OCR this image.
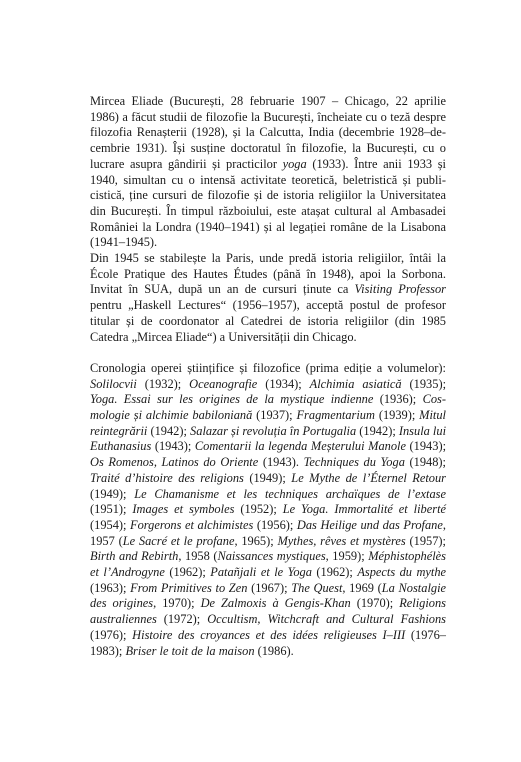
Mircea Eliade (București, 28 februarie 1907 – Chicago, 22 aprilie 1986) a făcut studii de filozofie la București, încheiate cu o teză despre filozofia Renașterii (1928), și la Calcutta, India (decembrie 1928–decembrie 1931). Își susține doctoratul în filozofie, la București, cu o lucrare asupra gândirii și practicilor yoga (1933). Între anii 1933 și 1940, simultan cu o intensă activitate teoretică, beletristică și publicistică, ține cursuri de filozofie și de istoria religiilor la Universitatea din București. În timpul războiului, este atașat cultural al Ambasadei României la Londra (1940–1941) și al legației române de la Lisabona (1941–1945).

Din 1945 se stabilește la Paris, unde predă istoria religiilor, întâi la École Pratique des Hautes Études (până în 1948), apoi la Sorbona. Invitat în SUA, după un an de cursuri ținute ca Visiting Professor pentru „Haskell Lectures“ (1956–1957), acceptă postul de profesor titular și de coordonator al Catedrei de istoria religiilor (din 1985 Catedra „Mircea Eliade“) a Universității din Chicago.

Cronologia operei științifice și filozofice (prima ediție a volumelor): Solilocvii (1932); Oceanografie (1934); Alchimia asiatică (1935); Yoga. Essai sur les origines de la mystique indienne (1936); Cosmologie și alchimie babiloniană (1937); Fragmentarium (1939); Mitul reintegrării (1942); Salazar și revoluția în Portugalia (1942); Insula lui Euthanasius (1943); Comentarii la legenda Meșterului Manole (1943); Os Romenos, Latinos do Oriente (1943). Techniques du Yoga (1948); Traité d’histoire des religions (1949); Le Mythe de l’Éternel Retour (1949); Le Chamanisme et les techniques archaïques de l’extase (1951); Images et symboles (1952); Le Yoga. Immortalité et liberté (1954); Forgerons et alchimistes (1956); Das Heilige und das Profane, 1957 (Le Sacré et le profane, 1965); Mythes, rêves et mystères (1957); Birth and Rebirth, 1958 (Naissances mystiques, 1959); Méphistophélès et l’Androgyne (1962); Patañjali et le Yoga (1962); Aspects du mythe (1963); From Primitives to Zen (1967); The Quest, 1969 (La Nostalgie des origines, 1970); De Zalmoxis à Gengis-Khan (1970); Religions australiennes (1972); Occultism, Witchcraft and Cultural Fashions (1976); Histoire des croyances et des idées religieuses I–III (1976–1983); Briser le toit de la maison (1986).
